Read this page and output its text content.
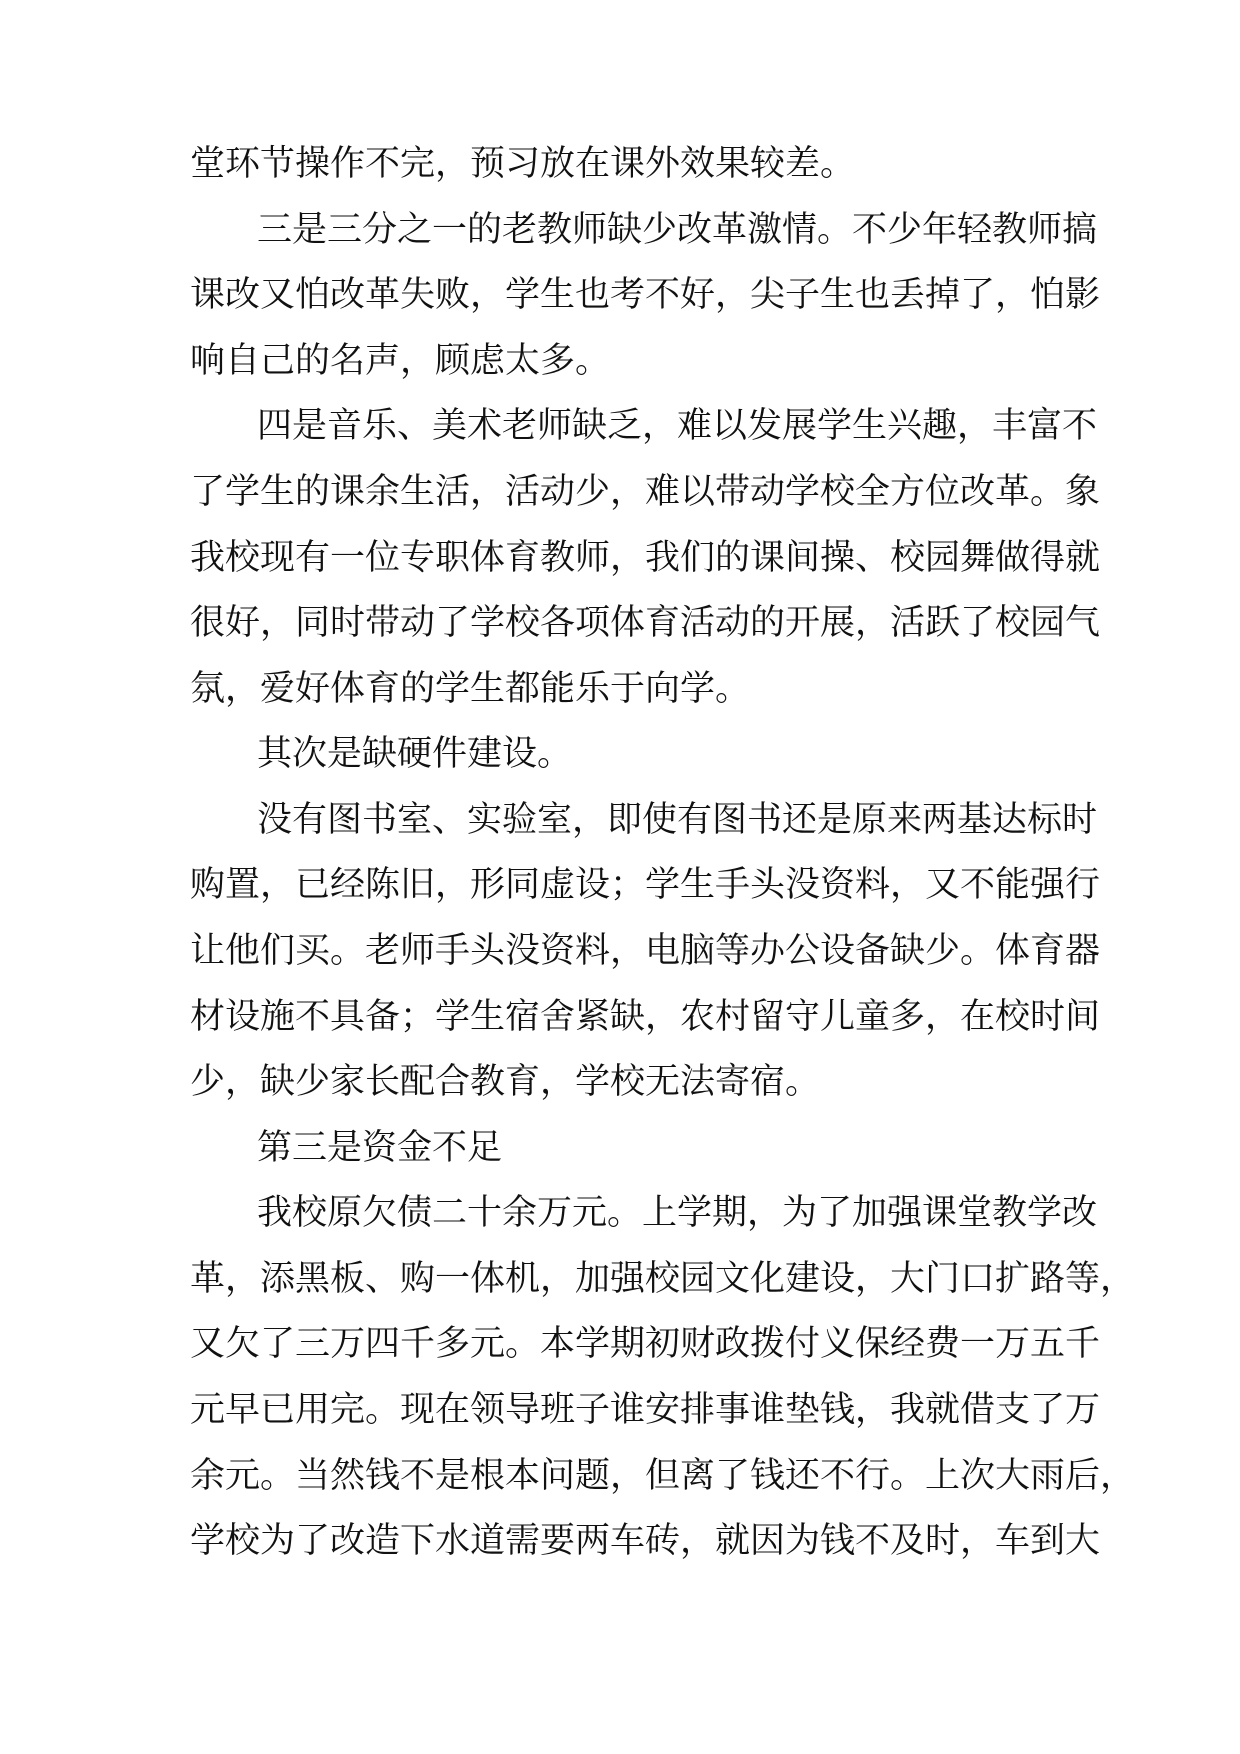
堂环节操作不完，预习放在课外效果较差。

三是三分之一的老教师缺少改革激情。不少年轻教师搞

课改又怕改革失败，学生也考不好，尖子生也丢掉了，怕影

响自己的名声，顾虑太多。

四是音乐、美术老师缺乏，难以发展学生兴趣，丰富不

了学生的课余生活，活动少，难以带动学校全方位改革。象

我校现有一位专职体育教师，我们的课间操、校园舞做得就

很好，同时带动了学校各项体育活动的开展，活跃了校园气

氛，爱好体育的学生都能乐于向学。

其次是缺硬件建设。

没有图书室、实验室，即使有图书还是原来两基达标时

购置，已经陈旧，形同虚设；学生手头没资料，又不能强行

让他们买。老师手头没资料，电脑等办公设备缺少。体育器

材设施不具备；学生宿舍紧缺，农村留守儿童多，在校时间

少，缺少家长配合教育，学校无法寄宿。

第三是资金不足

我校原欠债二十余万元。上学期，为了加强课堂教学改

革，添黑板、购一体机，加强校园文化建设，大门口扩路等，

又欠了三万四千多元。本学期初财政拨付义保经费一万五千

元早已用完。现在领导班子谁安排事谁垫钱，我就借支了万

余元。当然钱不是根本问题，但离了钱还不行。上次大雨后，

学校为了改造下水道需要两车砖，就因为钱不及时，车到大
